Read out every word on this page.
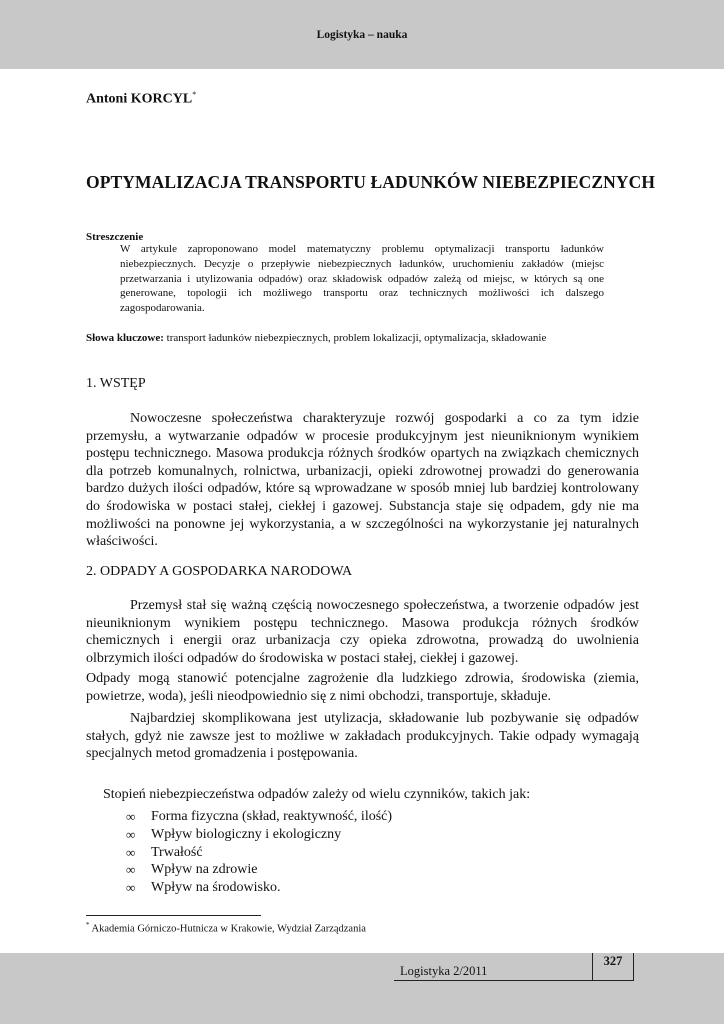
Logistyka – nauka
Antoni KORCYL*
OPTYMALIZACJA TRANSPORTU ŁADUNKÓW NIEBEZPIECZNYCH
Streszczenie
W artykule zaproponowano model matematyczny problemu optymalizacji transportu ładunków niebezpiecznych. Decyzje o przepływie niebezpiecznych ładunków, uruchomieniu zakładów (miejsc przetwarzania i utylizowania odpadów) oraz składowisk odpadów zależą od miejsc, w których są one generowane, topologii ich możliwego transportu oraz technicznych możliwości ich dalszego zagospodarowania.
Słowa kluczowe: transport ładunków niebezpiecznych, problem lokalizacji, optymalizacja, składowanie
1. WSTĘP
Nowoczesne społeczeństwa charakteryzuje rozwój gospodarki a co za tym idzie przemysłu, a wytwarzanie odpadów w procesie produkcyjnym jest nieuniknionym wynikiem postępu technicznego. Masowa produkcja różnych środków opartych na związkach chemicznych dla potrzeb komunalnych, rolnictwa, urbanizacji, opieki zdrowotnej prowadzi do generowania bardzo dużych ilości odpadów, które są wprowadzane w sposób mniej lub bardziej kontrolowany do środowiska w postaci stałej, ciekłej i gazowej. Substancja staje się odpadem, gdy nie ma możliwości na ponowne jej wykorzystania, a w szczególności na wykorzystanie jej naturalnych właściwości.
2. ODPADY A GOSPODARKA NARODOWA
Przemysł stał się ważną częścią nowoczesnego społeczeństwa, a tworzenie odpadów jest nieuniknionym wynikiem postępu technicznego. Masowa produkcja różnych środków chemicznych i energii oraz urbanizacja czy opieka zdrowotna, prowadzą do uwolnienia olbrzymich ilości odpadów do środowiska w postaci stałej, ciekłej i gazowej.
Odpady mogą stanowić potencjalne zagrożenie dla ludzkiego zdrowia, środowiska (ziemia, powietrze, woda), jeśli nieodpowiednio się z nimi obchodzi, transportuje, składuje.
Najbardziej skomplikowana jest utylizacja, składowanie lub pozbywanie się odpadów stałych, gdyż nie zawsze jest to możliwe w zakładach produkcyjnych. Takie odpady wymagają specjalnych metod gromadzenia i postępowania.
Stopień niebezpieczeństwa odpadów zależy od wielu czynników, takich jak:
∞	Forma fizyczna (skład, reaktywność, ilość)
∞	Wpływ biologiczny i ekologiczny
∞	Trwałość
∞	Wpływ na zdrowie
∞	Wpływ na środowisko.
* Akademia Górniczo-Hutnicza w Krakowie, Wydział Zarządzania
Logistyka 2/2011
327
